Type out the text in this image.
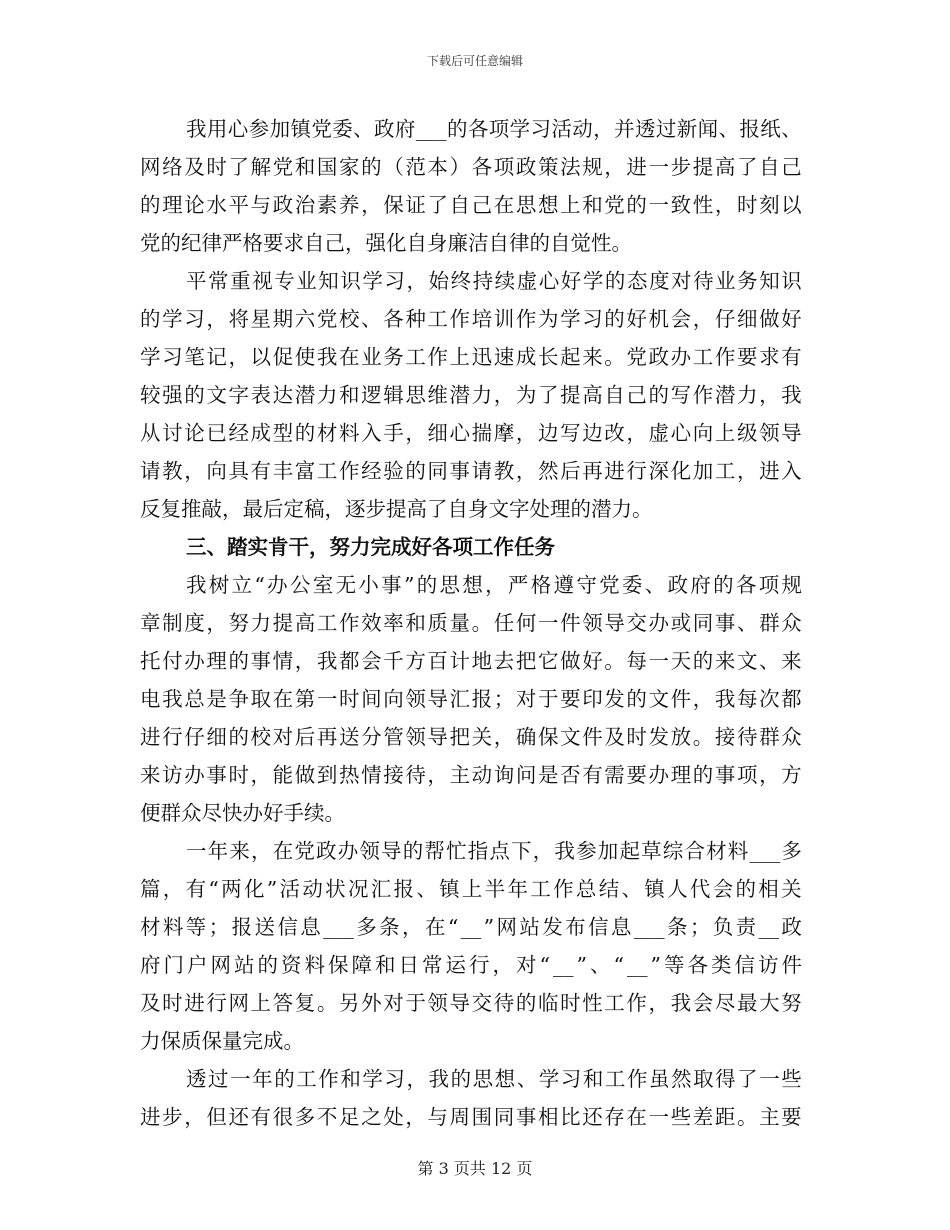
下载后可任意编辑
我 用 心 参 加 镇 党 委 、 政 府 ___ 的 各 项 学 习 活 动 ， 并 透 过 新 闻 、 报 纸 、
网 络 及 时 了 解 党 和 国 家 的 （ 范 本 ） 各 项 政 策 法 规 ， 进 一 步 提 高 了 自 己
的 理 论 水 平 与 政 治 素 养 ， 保 证 了 自 己 在 思 想 上 和 党 的 一 致 性 ， 时 刻 以
党的纪律严格要求自己，强化自身廉洁自律的自觉性。
平 常 重 视 专 业 知 识 学 习 ， 始 终 持 续 虚 心 好 学 的 态 度 对 待 业 务 知 识
的 学 习 ， 将 星 期 六 党 校 、 各 种 工 作 培 训 作 为 学 习 的 好 机 会 ， 仔 细 做 好
学 习 笔 记 ， 以 促 使 我 在 业 务 工 作 上 迅 速 成 长 起 来 。 党 政 办 工 作 要 求 有
较 强 的 文 字 表 达 潜 力 和 逻 辑 思 维 潜 力 ， 为 了 提 高 自 己 的 写 作 潜 力 ， 我
从 讨 论 已 经 成 型 的 材 料 入 手 ， 细 心 揣 摩 ， 边 写 边 改 ， 虚 心 向 上 级 领 导
请 教 ， 向 具 有 丰 富 工 作 经 验 的 同 事 请 教 ， 然 后 再 进 行 深 化 加 工 ， 进 入
反复推敲，最后定稿，逐步提高了自身文字处理的潜力。
三、踏实肯干，努力完成好各项工作任务
我 树 立 “ 办 公 室 无 小 事 ” 的 思 想 ， 严 格 遵 守 党 委 、 政 府 的 各 项 规
章 制 度 ， 努 力 提 高 工 作 效 率 和 质 量 。 任 何 一 件 领 导 交 办 或 同 事 、 群 众
托 付 办 理 的 事 情 ， 我 都 会 千 方 百 计 地 去 把 它 做 好 。 每 一 天 的 来 文 、 来
电 我 总 是 争 取 在 第 一 时 间 向 领 导 汇 报 ； 对 于 要 印 发 的 文 件 ， 我 每 次 都
进 行 仔 细 的 校 对 后 再 送 分 管 领 导 把 关 ， 确 保 文 件 及 时 发 放 。 接 待 群 众
来 访 办 事 时 ， 能 做 到 热 情 接 待 ， 主 动 询 问 是 否 有 需 要 办 理 的 事 项 ， 方
便群众尽快办好手续。
一 年 来 ， 在 党 政 办 领 导 的 帮 忙 指 点 下 ， 我 参 加 起 草 综 合 材 料 ___ 多
篇 ， 有 “ 两 化 ” 活 动 状 况 汇 报 、 镇 上 半 年 工 作 总 结 、 镇 人 代 会 的 相 关
材 料 等 ； 报 送 信 息 ___ 多 条 ， 在 “ __ ” 网 站 发 布 信 息 ___ 条 ； 负 责 __ 政
府 门 户 网 站 的 资 料 保 障 和 日 常 运 行 ， 对 “ __ ” 、 “ __ ” 等 各 类 信 访 件
及 时 进 行 网 上 答 复 。 另 外 对 于 领 导 交 待 的 临 时 性 工 作 ， 我 会 尽 最 大 努
力保质保量完成。
透 过 一 年 的 工 作 和 学 习 ， 我 的 思 想 、 学 习 和 工 作 虽 然 取 得 了 一 些
进 步 ， 但 还 有 很 多 不 足 之 处 ， 与 周 围 同 事 相 比 还 存 在 一 些 差 距 。 主 要
第 3 页共 12 页
